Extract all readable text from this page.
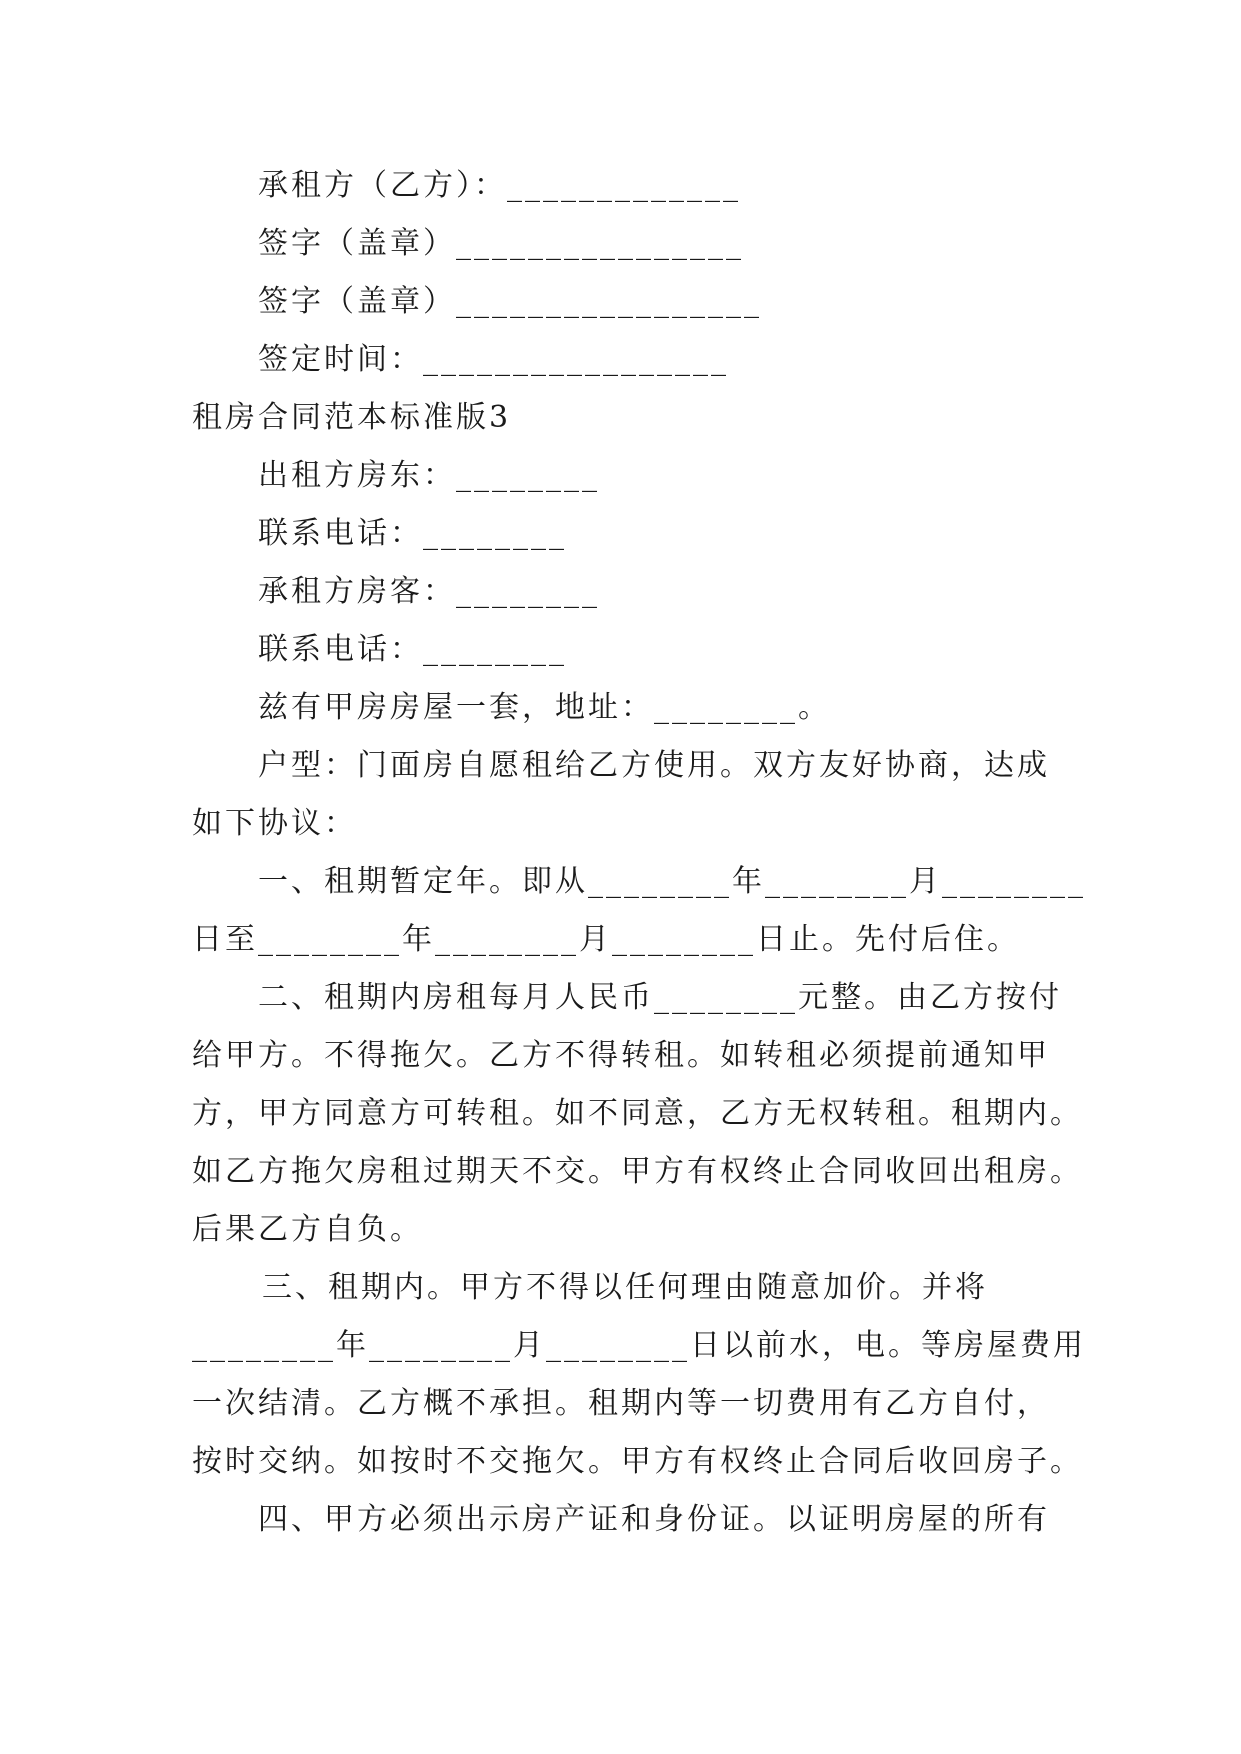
承租方（乙方）：_____________
签字（盖章）________________
签字（盖章）_________________
签定时间：_________________
租房合同范本标准版3
出租方房东：________
联系电话：________
承租方房客：________
联系电话：________
兹有甲房房屋一套，地址：________。
户型：门面房自愿租给乙方使用。双方友好协商，达成
如下协议：
一、租期暂定年。即从________年________月________
日至________年________月________日止。先付后住。
二、租期内房租每月人民币________元整。由乙方按付
给甲方。不得拖欠。乙方不得转租。如转租必须提前通知甲
方，甲方同意方可转租。如不同意，乙方无权转租。租期内。
如乙方拖欠房租过期天不交。甲方有权终止合同收回出租房。
后果乙方自负。
三、租期内。甲方不得以任何理由随意加价。并将
________年________月________日以前水，电。等房屋费用
一次结清。乙方概不承担。租期内等一切费用有乙方自付，
按时交纳。如按时不交拖欠。甲方有权终止合同后收回房子。
四、甲方必须出示房产证和身份证。以证明房屋的所有
